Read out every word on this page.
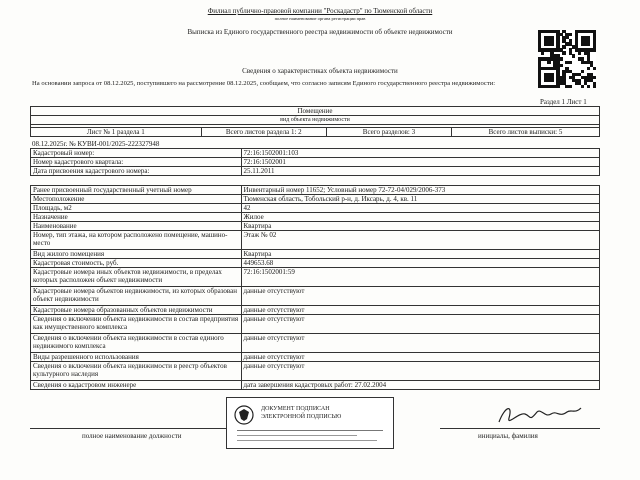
Филиал публично-правовой компании "Роскадастр" по Тюменской области
полное наименование органа регистрации прав
Выписка из Единого государственного реестра недвижимости об объекте недвижимости
Сведения о характеристиках объекта недвижимости
На основании запроса от 08.12.2025, поступившего на рассмотрение 08.12.2025, сообщаем, что согласно записям Единого государственного реестра недвижимости:
Раздел 1 Лист 1
Помещение
вид объекта недвижимости

Лист № 1 раздела 1	Всего листов раздела 1: 2	Всего разделов: 3	Всего листов выписки: 5
08.12.2025г. № КУВИ-001/2025-222327948
Кадастровый номер:	72:16:1502001:103
Номер кадастрового квартала:	72:16:1502001
Дата присвоения кадастрового номера:	25.11.2011
Ранее присвоенный государственный учетный номер	Инвентарный номер 11652; Условный номер 72-72-04/029/2006-373
Местоположение	Тюменская область, Тобольский р-н, д. Иксарь, д. 4, кв. 11
Площадь, м2	42
Назначение	Жилое
Наименование	Квартира
Номер, тип этажа, на котором расположено помещение, машино-место	Этаж № 02
Вид жилого помещения	Квартира
Кадастровая стоимость, руб.	449653.68
Кадастровые номера иных объектов недвижимости, в пределах которых расположен объект недвижимости	72:16:1502001:59
Кадастровые номера объектов недвижимости, из которых образован объект недвижимости	данные отсутствуют
Кадастровые номера образованных объектов недвижимости	данные отсутствуют
Сведения о включении объекта недвижимости в состав предприятия как имущественного комплекса	данные отсутствуют
Сведения о включении объекта недвижимости в состав единого недвижимого комплекса	данные отсутствуют
Виды разрешенного использования	данные отсутствуют
Сведения о включении объекта недвижимости в реестр объектов культурного наследия	данные отсутствуют
Сведения о кадастровом инженере	дата завершения кадастровых работ: 27.02.2004
ДОКУМЕНТ ПОДПИСАН
ЭЛЕКТРОННОЙ ПОДПИСЬЮ
полное наименование должности	инициалы, фамилия
